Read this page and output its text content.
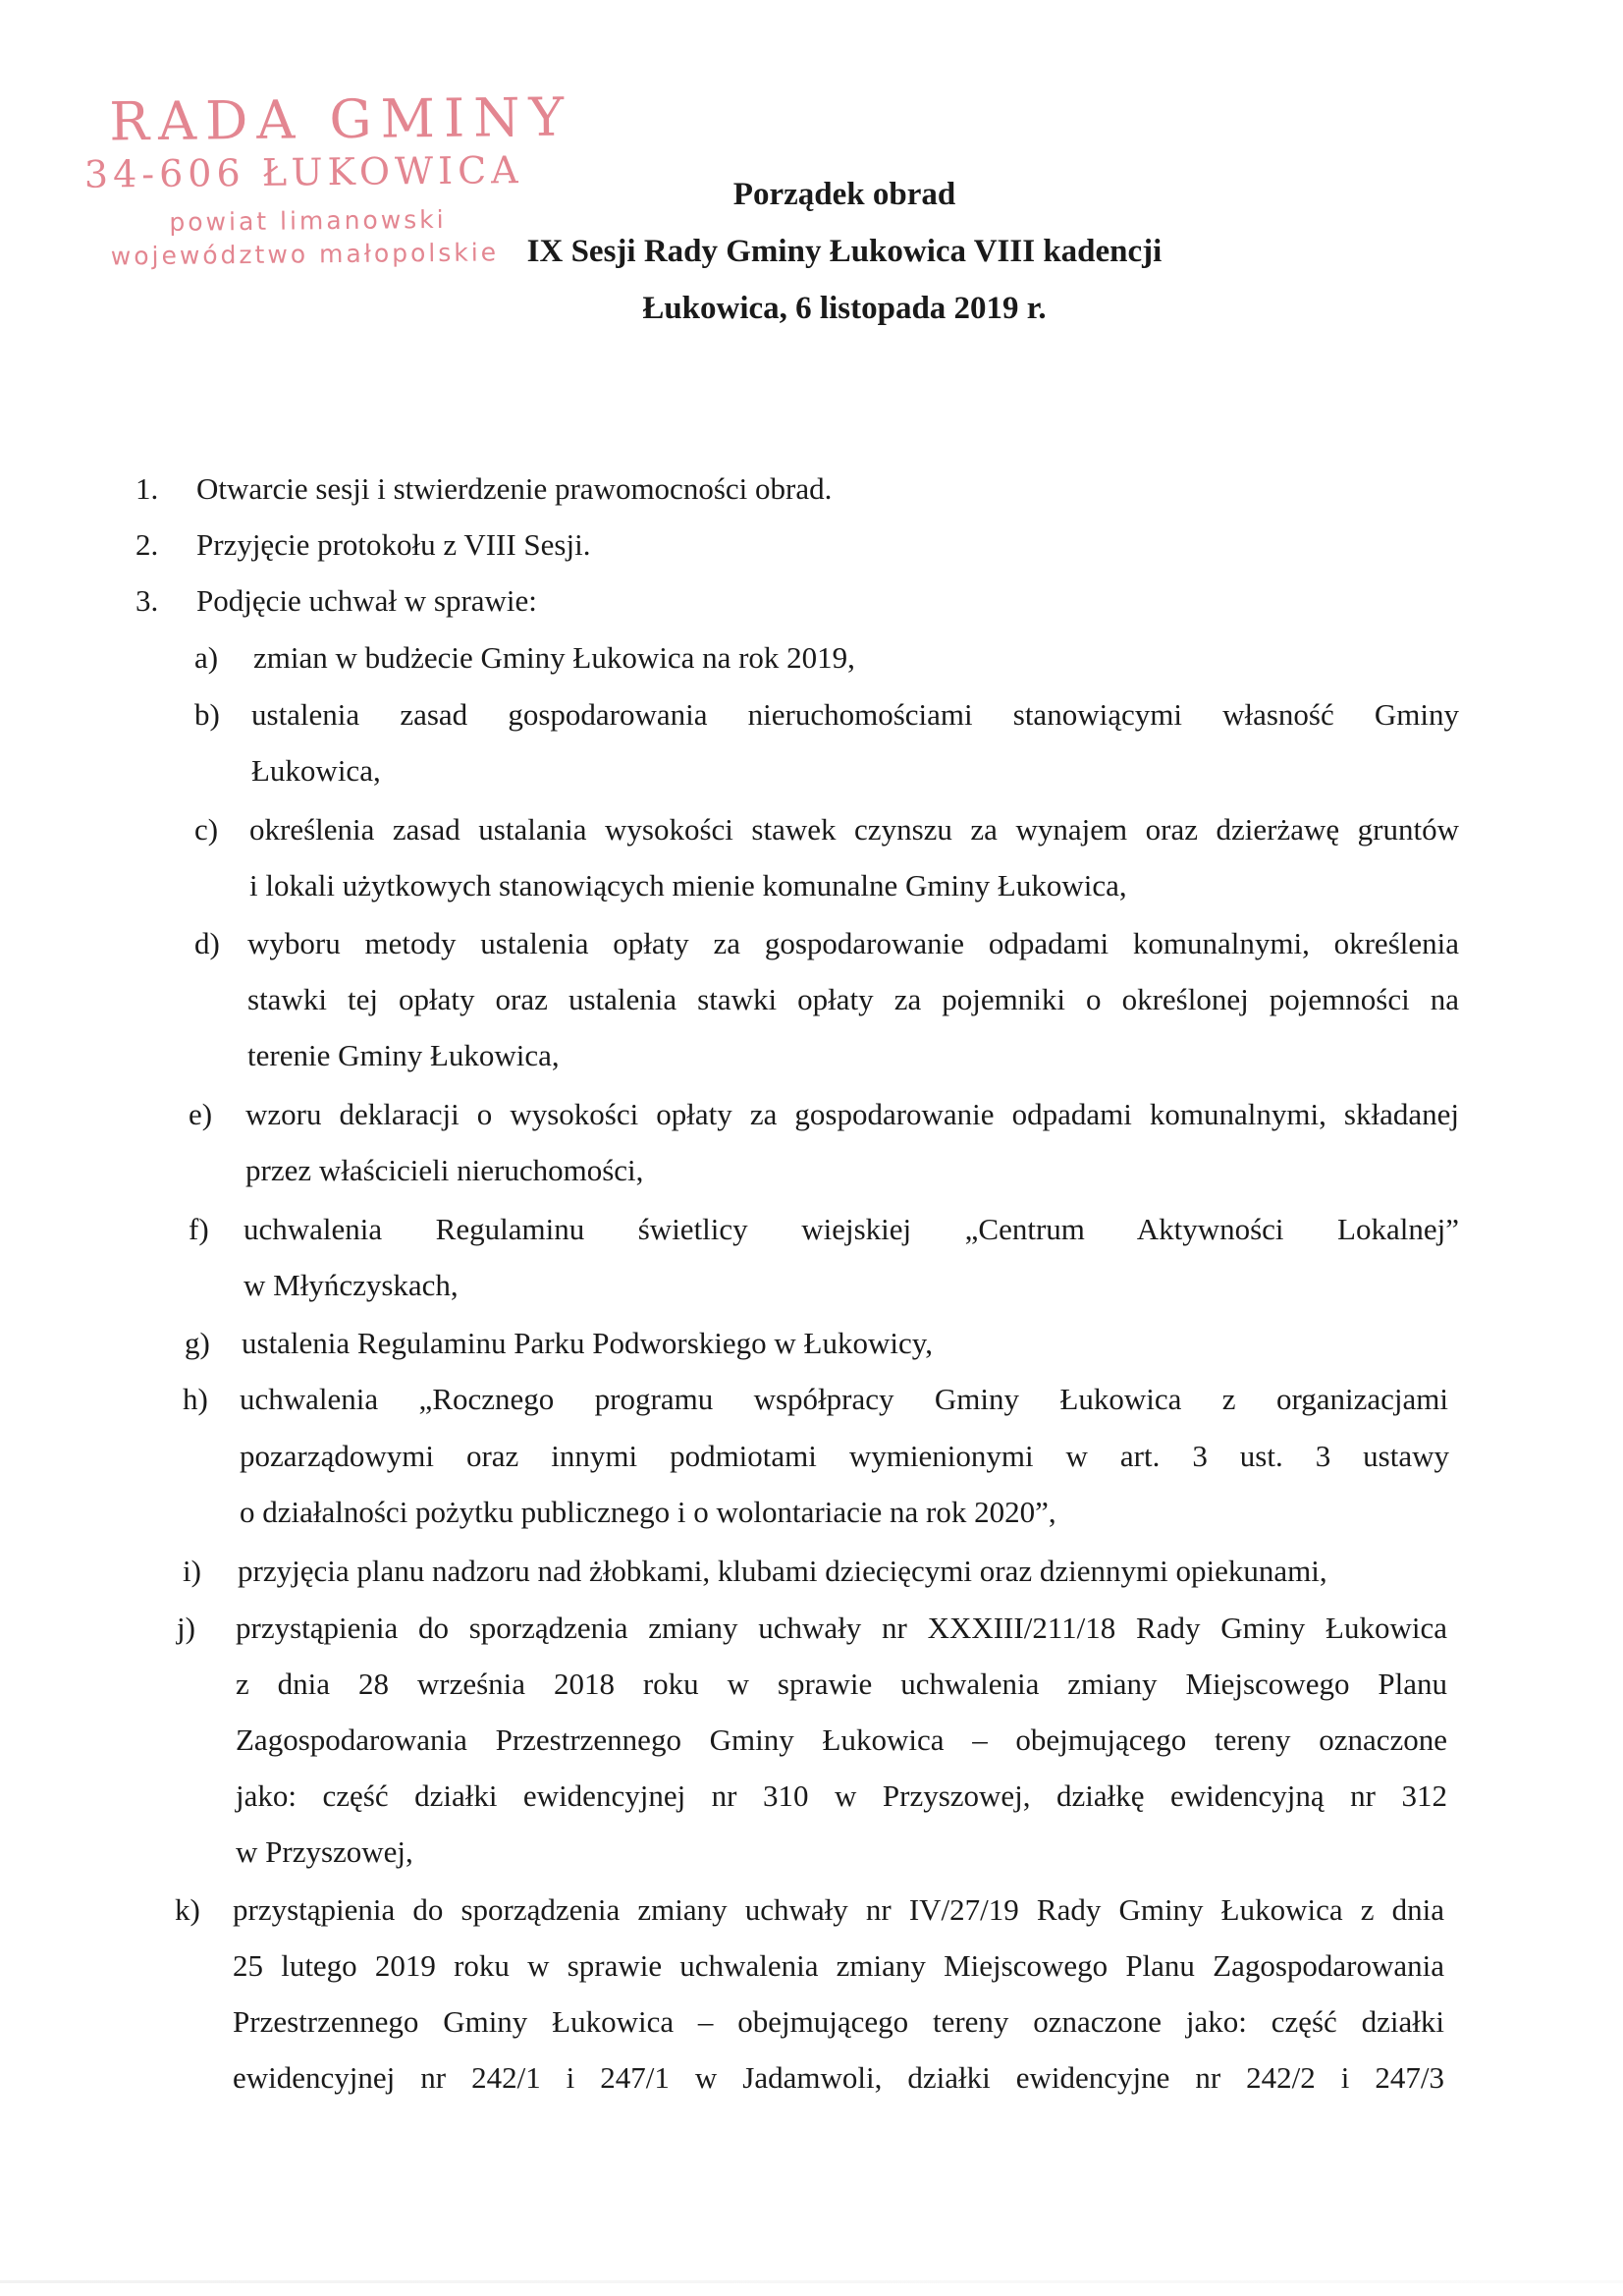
RADA GMINY
34-606 ŁUKOWICA
powiat limanowski
województwo małopolskie
Porządek obrad
IX Sesji Rady Gminy Łukowica VIII kadencji
Łukowica, 6 listopada 2019 r.
1. Otwarcie sesji i stwierdzenie prawomocności obrad.
2. Przyjęcie protokołu z VIII Sesji.
3. Podjęcie uchwał w sprawie:
a) zmian w budżecie Gminy Łukowica na rok 2019,
b) ustalenia zasad gospodarowania nieruchomościami stanowiącymi własność Gminy
Łukowica,
c) określenia zasad ustalania wysokości stawek czynszu za wynajem oraz dzierżawę gruntów
i lokali użytkowych stanowiących mienie komunalne Gminy Łukowica,
d) wyboru metody ustalenia opłaty za gospodarowanie odpadami komunalnymi, określenia
stawki tej opłaty oraz ustalenia stawki opłaty za pojemniki o określonej pojemności na
terenie Gminy Łukowica,
e) wzoru deklaracji o wysokości opłaty za gospodarowanie odpadami komunalnymi, składanej
przez właścicieli nieruchomości,
f) uchwalenia Regulaminu świetlicy wiejskiej „Centrum Aktywności Lokalnej”
w Młyńczyskach,
g) ustalenia Regulaminu Parku Podworskiego w Łukowicy,
h) uchwalenia „Rocznego programu współpracy Gminy Łukowica z organizacjami
pozarządowymi oraz innymi podmiotami wymienionymi w art. 3 ust. 3 ustawy
o działalności pożytku publicznego i o wolontariacie na rok 2020”,
i) przyjęcia planu nadzoru nad żłobkami, klubami dziecięcymi oraz dziennymi opiekunami,
j) przystąpienia do sporządzenia zmiany uchwały nr XXXIII/211/18 Rady Gminy Łukowica
z dnia 28 września 2018 roku w sprawie uchwalenia zmiany Miejscowego Planu
Zagospodarowania Przestrzennego Gminy Łukowica – obejmującego tereny oznaczone
jako: część działki ewidencyjnej nr 310 w Przyszowej, działkę ewidencyjną nr 312
w Przyszowej,
k) przystąpienia do sporządzenia zmiany uchwały nr IV/27/19 Rady Gminy Łukowica z dnia
25 lutego 2019 roku w sprawie uchwalenia zmiany Miejscowego Planu Zagospodarowania
Przestrzennego Gminy Łukowica – obejmującego tereny oznaczone jako: część działki
ewidencyjnej nr 242/1 i 247/1 w Jadamwoli, działki ewidencyjne nr 242/2 i 247/3
